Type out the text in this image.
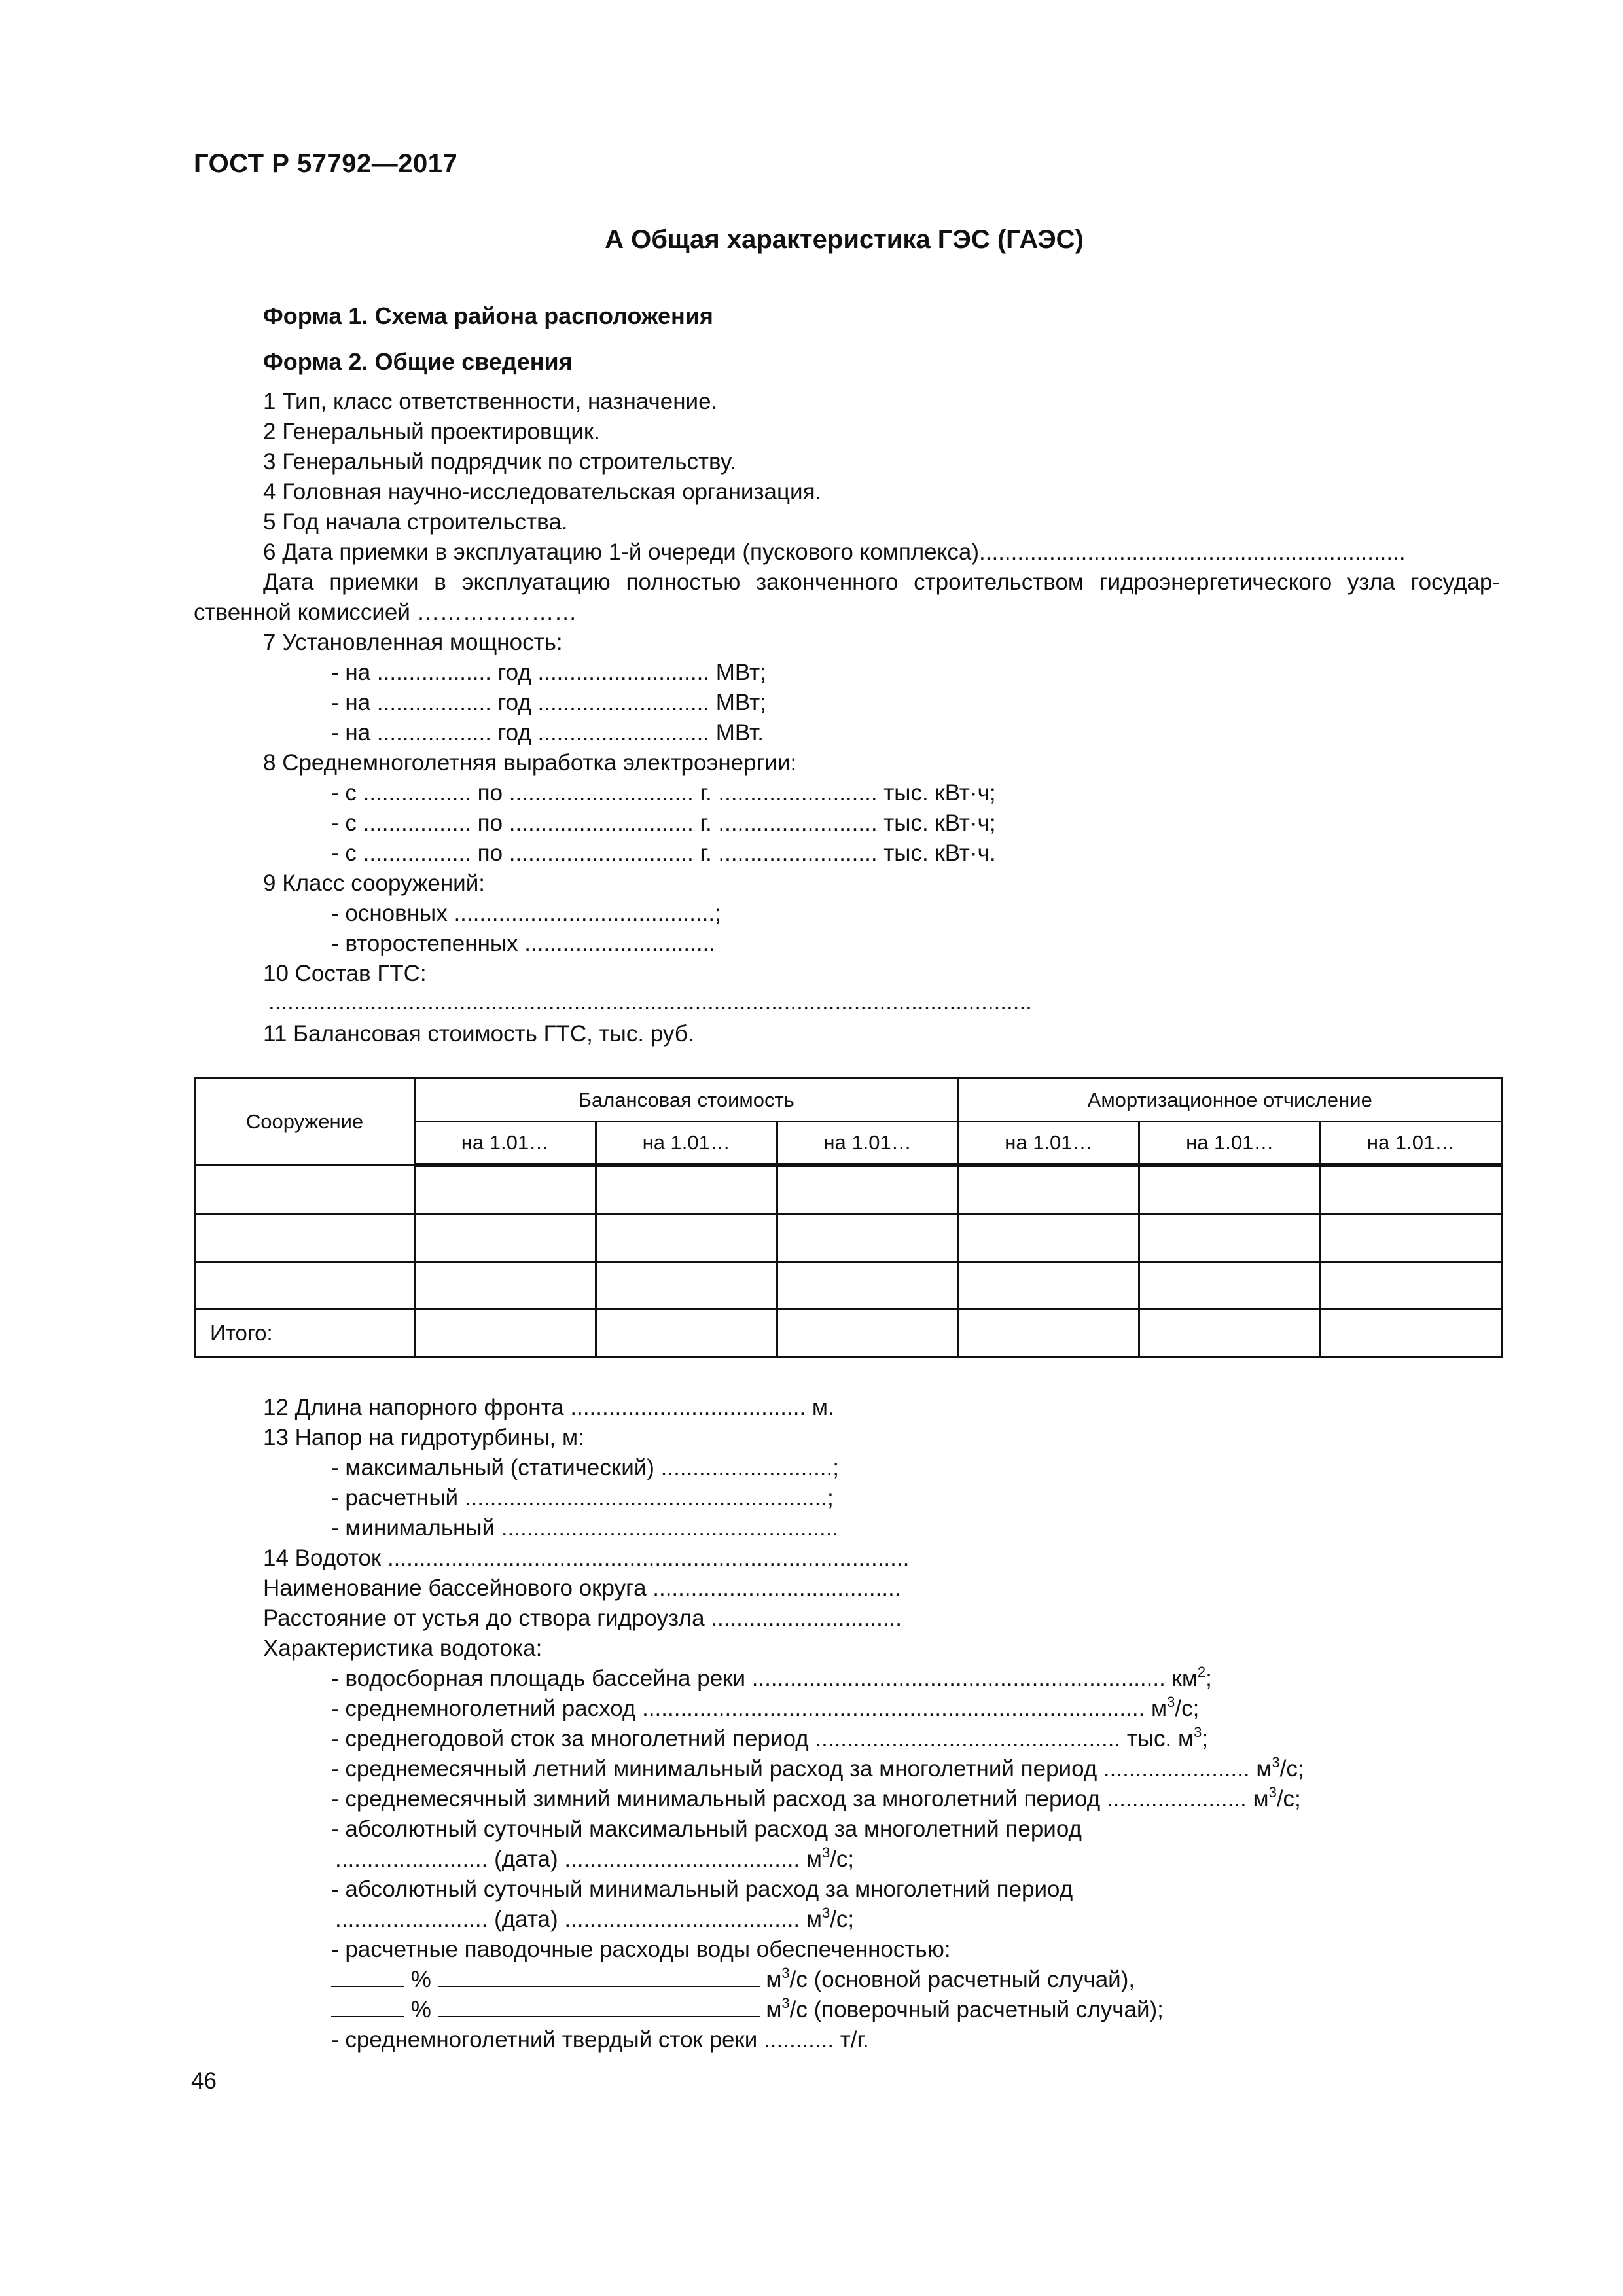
ГОСТ Р 57792—2017
А Общая характеристика ГЭС (ГАЭС)
Форма 1. Схема района расположения
Форма 2. Общие сведения
1 Тип, класс ответственности, назначение.
2 Генеральный проектировщик.
3 Генеральный подрядчик по строительству.
4 Головная научно-исследовательская организация.
5 Год начала строительства.
6 Дата приемки в эксплуатацию 1-й очереди (пускового комплекса)...................................................................
Дата приемки в эксплуатацию полностью законченного строительством гидроэнергетического узла государ-
ственной комиссией …………………
7 Установленная мощность:
- на .................. год ........................... МВт;
- на .................. год ........................... МВт;
- на .................. год ........................... МВт.
8 Среднемноголетняя выработка электроэнергии:
- с ................. по ............................. г. ......................... тыс. кВт·ч;
- с ................. по ............................. г. ......................... тыс. кВт·ч;
- с ................. по ............................. г. ......................... тыс. кВт·ч.
9 Класс сооружений:
- основных .........................................;
- второстепенных ..............................
10 Состав ГТС:
........................................................................................................................
11 Балансовая стоимость ГТС, тыс. руб.
Сооружение	Балансовая стоимость			Амортизационное отчисление		
	на 1.01…	на 1.01…	на 1.01…	на 1.01…	на 1.01…	на 1.01…

Итого:						
12 Длина напорного фронта ..................................... м.
13 Напор на гидротурбины, м:
- максимальный (статический) ...........................;
- расчетный .........................................................;
- минимальный .....................................................
14 Водоток ..................................................................................
Наименование бассейнового округа .......................................
Расстояние от устья до створа гидроузла ..............................
Характеристика водотока:
- водосборная площадь бассейна реки ................................................................. $км^2$;
- среднемноголетний расход ............................................................................... $м^3/с$;
- среднегодовой сток за многолетний период ................................................ тыс. $м^3$;
- среднемесячный летний минимальный расход за многолетний период ....................... $м^3/с$;
- среднемесячный зимний минимальный расход за многолетний период ...................... $м^3/с$;
- абсолютный суточный максимальный расход за многолетний период
........................ (дата) ..................................... $м^3/с$;
- абсолютный суточный минимальный расход за многолетний период
........................ (дата) ..................................... $м^3/с$;
- расчетные паводочные расходы воды обеспеченностью:
%	$м^3/с$ (основной расчетный случай),
%	$м^3/с$ (поверочный расчетный случай);
- среднемноголетний твердый сток реки ........... т/г.
46
